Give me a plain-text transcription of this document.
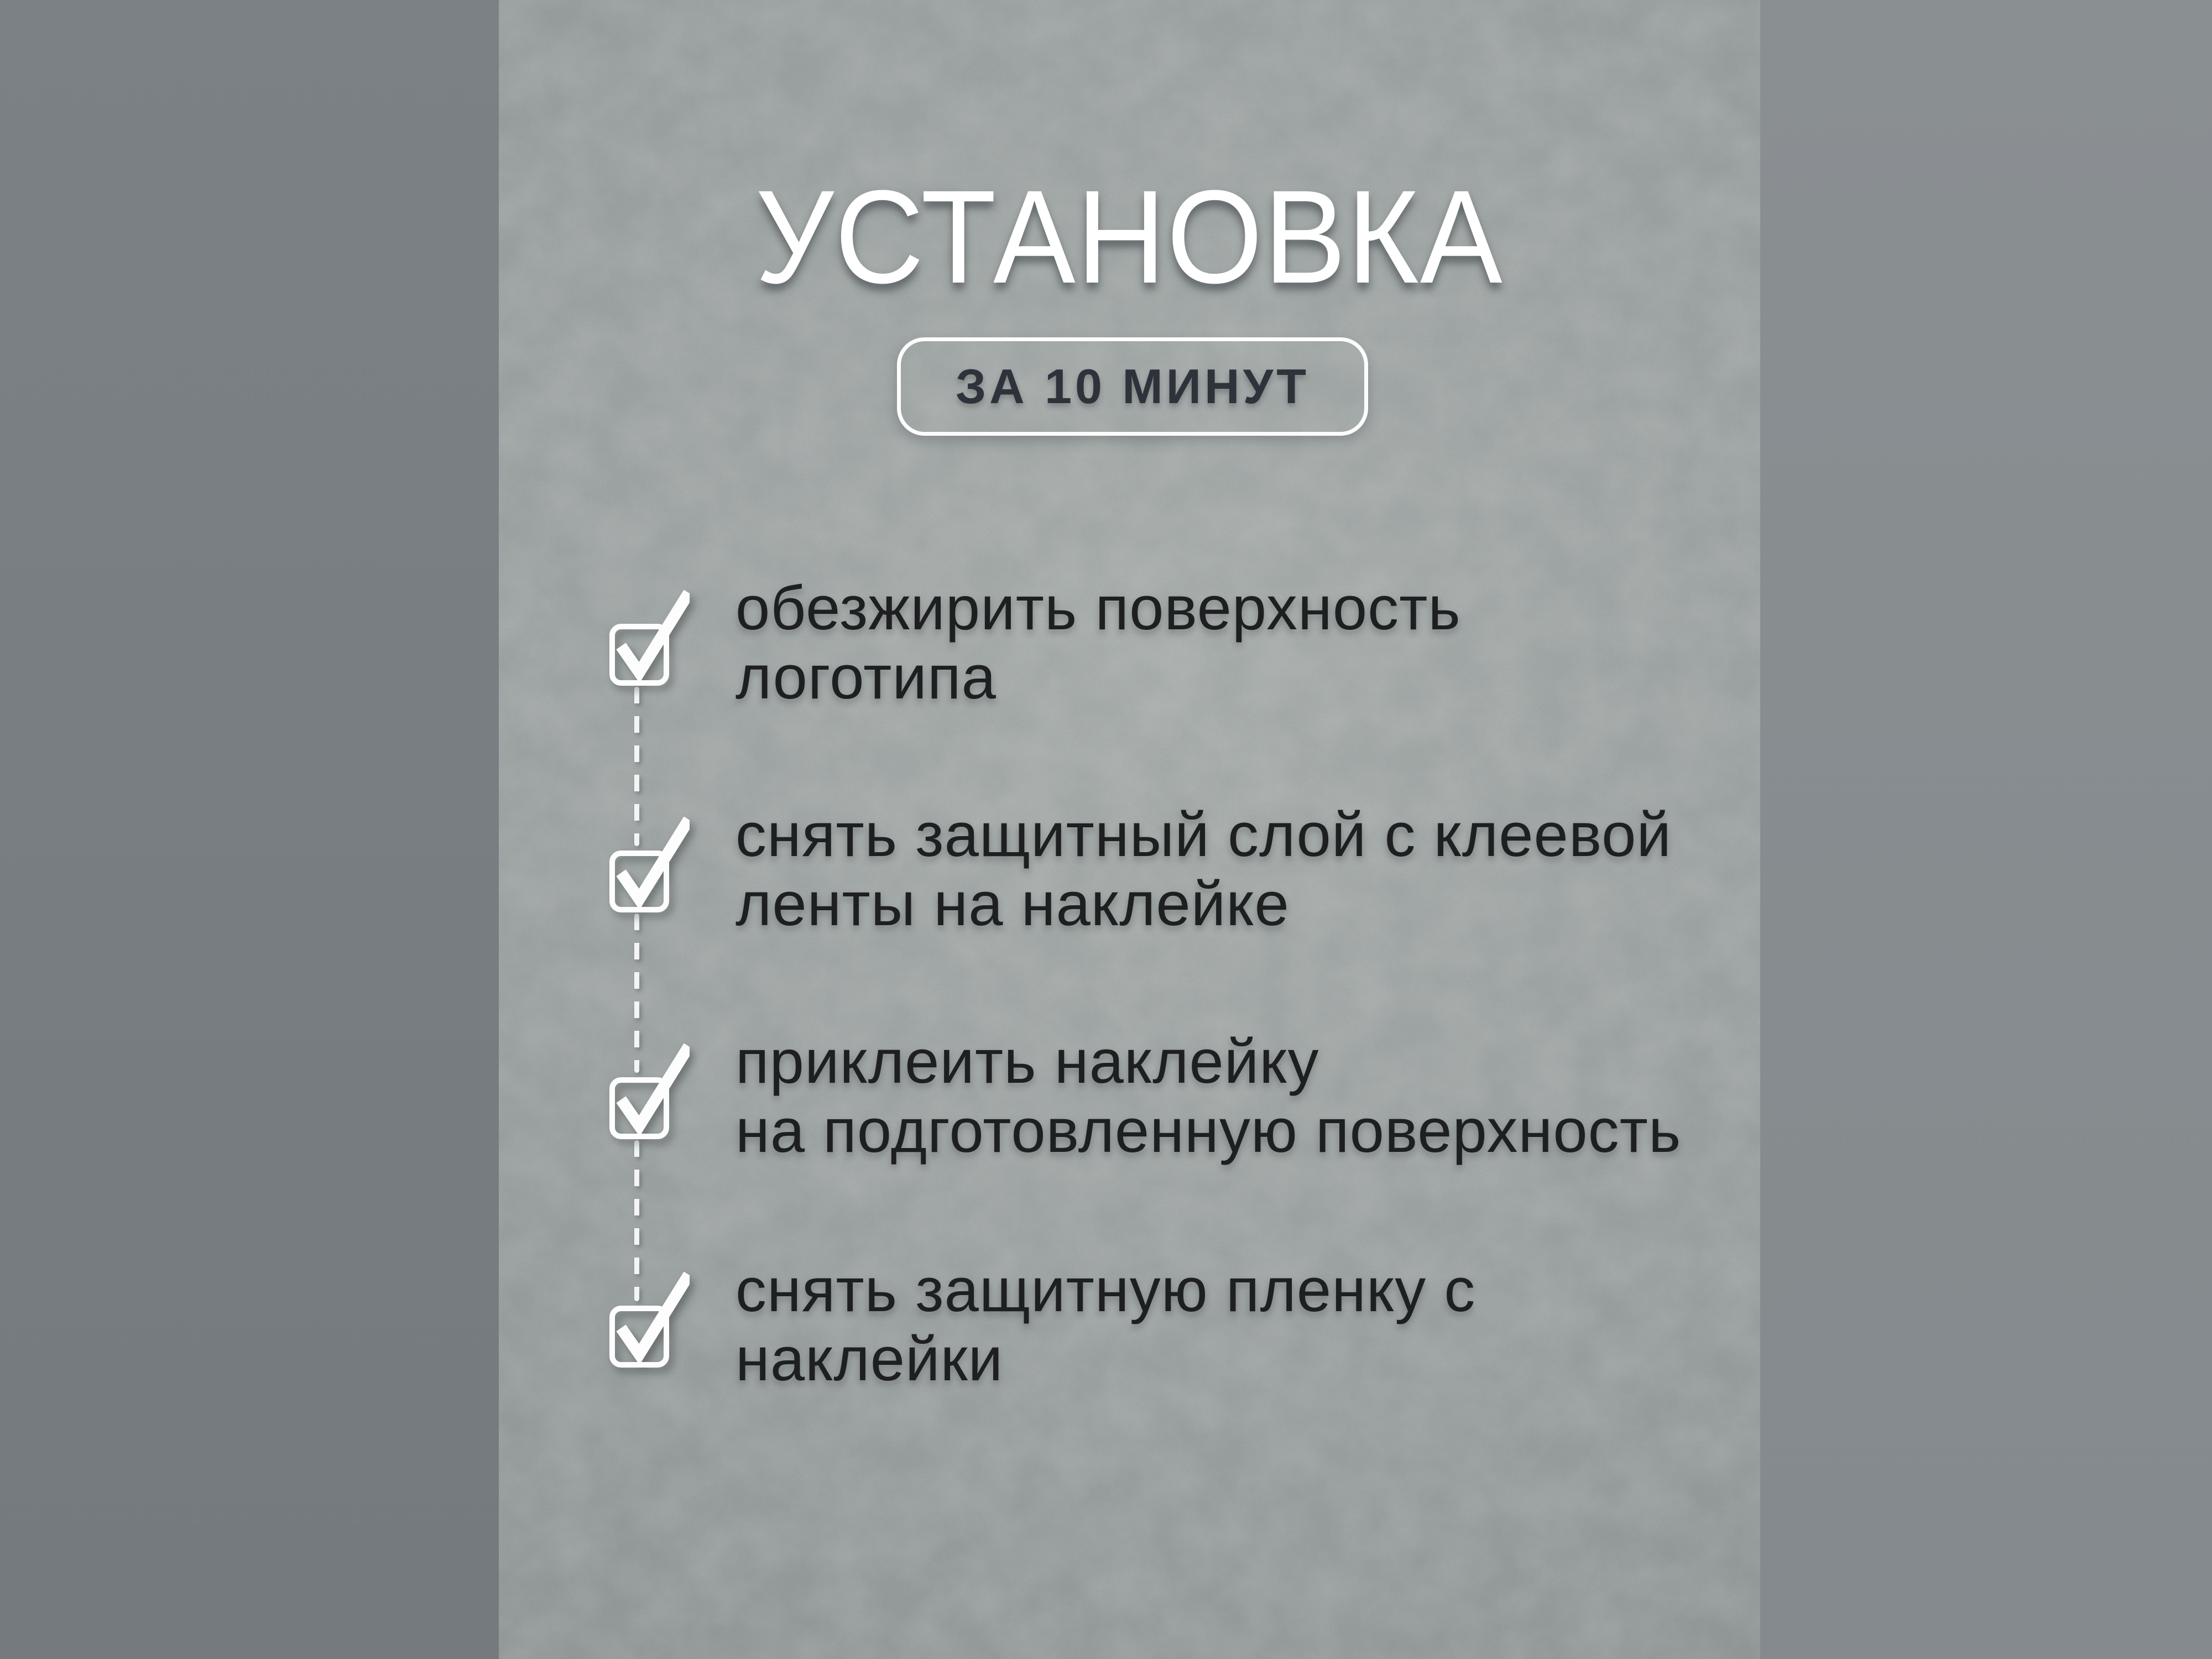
УСТАНОВКА
ЗА 10 МИНУТ
обезжирить поверхность
логотипа
снять защитный слой с клеевой
ленты на наклейке
приклеить наклейку
на подготовленную поверхность
снять защитную пленку с
наклейки
